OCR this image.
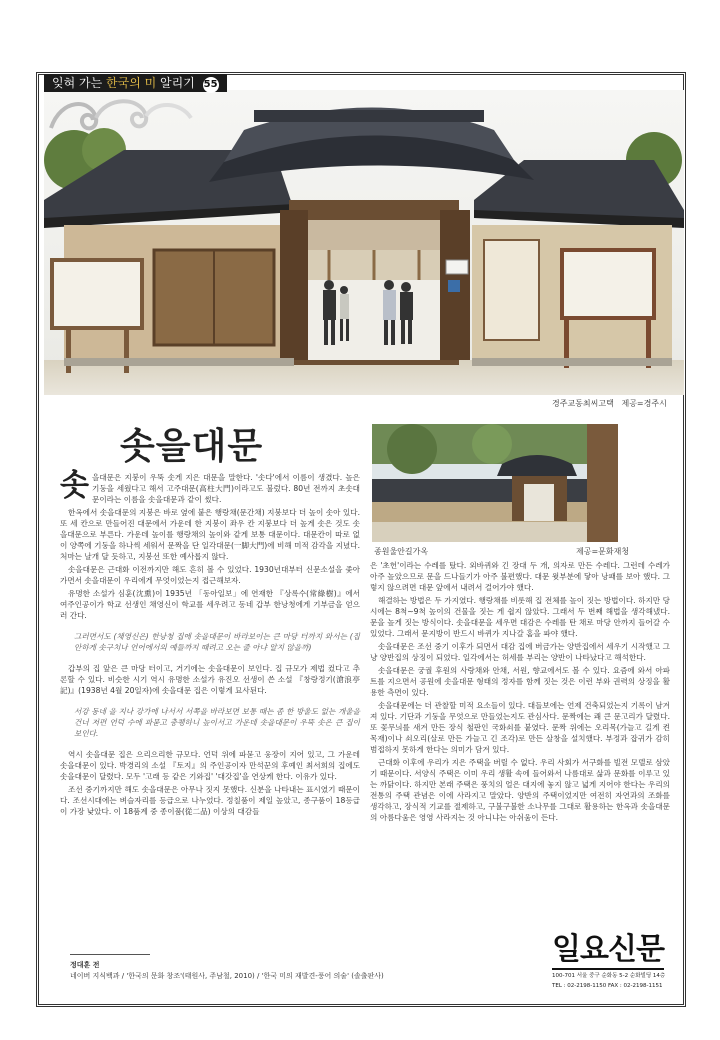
잊혀 가는 한국의 미 알리기 55
경주교동최씨고택 제공=경주시
솟을대문

솟 을대문은 지붕이 우뚝 솟게 지은 대문을 말한다. '솟다'에서 이름이 생겼다. 높은 기둥을 세웠다고 해서 고주대문(高柱大門)이라고도 불렀다. 80년 전까지 초솟대문이라는 이름을 솟을대문과 같이 썼다.

한옥에서 솟을대문의 지붕은 바로 옆에 붙은 행랑채(문간채) 지붕보다 더 높이 솟아 있다. 또 세 칸으로 만들어진 대문에서 가운데 한 지붕이 좌우 칸 지붕보다 더 높게 솟은 것도 솟을대문으로 부른다. 가운데 높이를 행랑채의 높이와 같게 보통 대문이다. 대문칸이 따로 없이 양쪽에 기둥을 하나씩 세워서 문짝을 단 일각대문(一脚大門)에 비해 미적 감각을 지녔다. 처마는 날개 달 듯하고, 지붕선 또한 예사롭지 않다.

솟을대문은 근대화 이전까지만 해도 흔히 볼 수 있었다. 1930년대부터 신문소설을 좇아가면서 솟을대문이 우리에게 무엇이었는지 접근해보자.

유명한 소설가 심훈(沈熏)이 1935년 「동아일보」에 연재한 『상록수(常綠樹)』에서 여주인공이가 학교 선생인 채영신이 학교를 세우려고 동네 갑부 한낭청에게 기부금을 얻으러 간다.

그러면서도 (채영신은) 한낭청 집에 솟을대문이 바라보이는 큰 마당 터까지 와서는 (집안하게 솟구치나 언어에서의 예들까지 때려고 오는 줄 아냐 알지 않을까)

갑부의 집 앞은 큰 마당 터이고, 거기에는 솟을대문이 보인다. 집 규모가 제법 컸다고 추론할 수 있다. 비슷한 시기 역시 유명한 소설가 유진오 선생이 쓴 소설 『창랑정기(滄浪亭記)』(1938년 4월 20일자)에 솟을대문 집은 이렇게 묘사된다.

서강 동네 을 지나 강가에 나서서 서쪽을 바라보면 보통 때는 좀 한 방울도 없는 개울을 건너 저편 언덕 수에 파묻고 충퀭하니 높이서고 가운데 솟을대문이 우뚝 솟은 큰 집이 보인다.

역시 솟을대문 집은 으리으리한 규모다. 언덕 위에 파묻고 웅장이 지어 있고, 그 가운데 솟을대문이 있다. 박경리의 소설 『토지』의 주인공이자 만석꾼의 후예인 최서희의 집에도 솟을대문이 달렸다. 모두 '고래 등 같은 기와집' '대갓집'을 연상케 한다. 이유가 있다.

조선 중기까지만 해도 솟을대문은 아무나 짓지 못했다. 신분을 나타내는 표시였기 때문이다. 조선시대에는 벼슬자리를 등급으로 나누었다. 정칠품이 제일 높았고, 종구품이 18등급이 가장 낮았다. 이 18품계 중 종이품(從二品) 이상의 대감들

종원울안길가옥	제공=문화재청

은 '초헌'이라는 수레를 탔다. 외바퀴와 긴 장대 두 개, 의자로 만든 수레다. 그런데 수레가 아주 높았으므로 문을 드나들기가 아주 불편했다. 대문 윗부분에 닿아 낭패를 보아 했다. 그렇지 않으려면 대문 앞에서 내려서 걸어가야 했다.

해결하는 방법은 두 가지였다. 행랑채를 비롯해 집 전체를 높이 짓는 방법이다. 하지만 당시에는 8척~9척 높이의 건물을 짓는 게 쉽지 않았다. 그래서 두 번째 해법을 생각해냈다. 문을 높게 짓는 방식이다. 솟을대문을 세우면 대감은 수레를 탄 채로 마당 안까지 들어갈 수 있었다. 그래서 문지방이 반드시 바퀴가 지나갈 홈을 파야 했다.

솟을대문은 조선 중기 이후가 되면서 대감 집에 버금가는 양반집에서 세우기 시작했고 그냥 양반집의 상징이 되었다. 일각에서는 허세를 부리는 양반이 나타났다고 해석한다.

솟을대문은 궁궐 후원의 사랑채와 안채, 서원, 향교에서도 볼 수 있다. 요즘에 와서 아파트를 지으면서 공원에 솟을대문 형태의 정자를 함께 짓는 것은 이런 부와 권력의 상징을 활용한 측면이 있다.

솟을대문에는 더 관찰할 미적 요소들이 있다. 대들보에는 언제 건축되었는지 기록이 남겨져 있다. 기단과 기둥을 무엇으로 만들었는지도 관심사다. 문짝에는 쾌 큰 문고리가 달렸다. 또 꽃무늬를 새겨 만든 장식 철판인 국화쇠를 붙였다. 문짝 위에는 오리목(가늘고 길게 켠 목재)이나 쇠오리(살로 만든 가늘고 긴 조각)로 만든 살창을 설치했다. 부정과 잡귀가 감히 범접하지 못하게 한다는 의미가 담겨 있다.

근대화 이후에 우리가 지은 주택을 버릴 수 없다. 우리 사회가 서구화를 빌전 모델로 삼았기 때문이다. 서양식 주택은 이미 우리 생활 속에 들어와서 나름대로 삶과 문화를 이루고 있는 까닭이다. 하지만 본래 주택은 풍치의 얼은 대지에 놓지 않고 넓게 지어야 한다는 우리의 전통의 주택 관념은 이에 사라지고 말았다. 양반의 주택이었지만 여전히 자연과의 조화를 생각하고, 장식적 기교를 절제하고, 구불구불한 소나무를 그대로 활용하는 한옥과 솟을대문의 아름다움은 영영 사라지는 것 아니냐는 아쉬움이 든다.

정대훈 전
네이버 지식백과 / '한국의 문화 창조'(태원사, 주남철, 2010) / '한국 미의 재발견-풍어 의술' (솔출판사)
일요신문
100-701 서울 중구 순화동 5-2 순화빌딩 14층
TEL : 02-2198-1150 FAX : 02-2198-1151
